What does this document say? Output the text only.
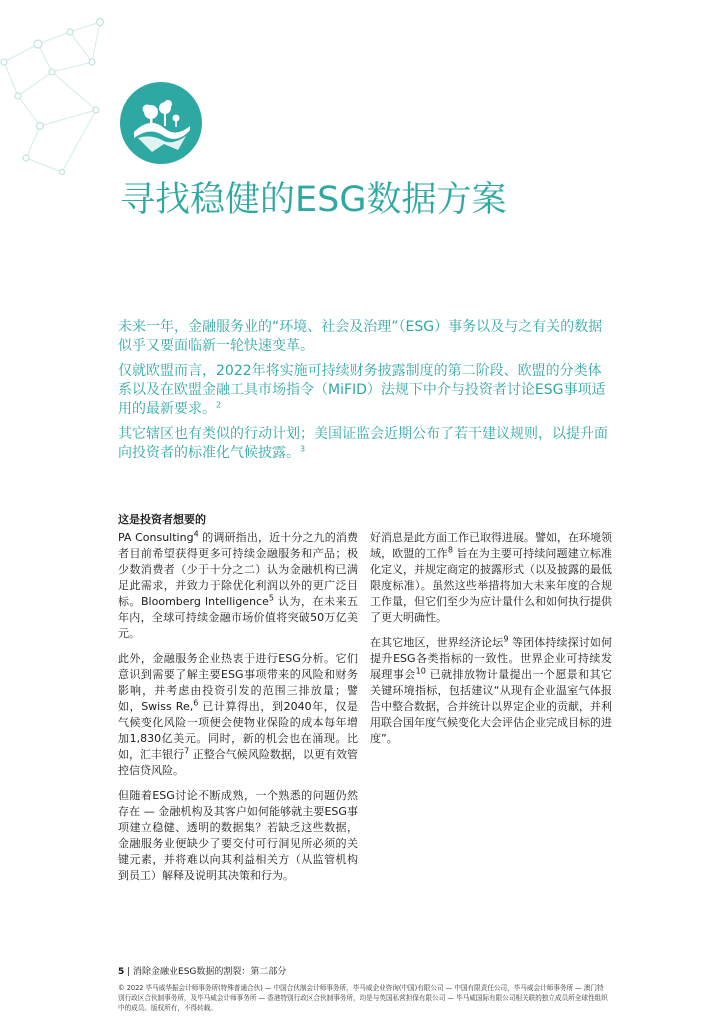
寻找稳健的ESG数据方案

未来一年，金融服务业的“环境、社会及治理”（ESG）事务以及与之有关的数据似乎又要面临新一轮快速变革。

仅就欧盟而言，2022年将实施可持续财务披露制度的第二阶段、欧盟的分类体系以及在欧盟金融工具市场指令（MiFID）法规下中介与投资者讨论ESG事项适用的最新要求。$^2$

其它辖区也有类似的行动计划；美国证监会近期公布了若干建议规则，以提升面向投资者的标准化气候披露。$^3$

这是投资者想要的

PA Consulting$^4$ 的调研指出，近十分之九的消费者目前希望获得更多可持续金融服务和产品；极少数消费者（少于十分之二）认为金融机构已满足此需求，并致力于除优化利润以外的更广泛目标。Bloomberg Intelligence$^5$ 认为，在未来五年内，全球可持续金融市场价值将突破50万亿美元。

此外，金融服务企业热衷于进行ESG分析。它们意识到需要了解主要ESG事项带来的风险和财务影响，并考虑由投资引发的范围三排放量；譬如，Swiss Re,$^6$ 已计算得出，到2040年，仅是气候变化风险一项便会使物业保险的成本每年增加1,830亿美元。同时，新的机会也在涌现。比如，汇丰银行$^7$ 正整合气候风险数据，以更有效管控信贷风险。

但随着ESG讨论不断成熟，一个熟悉的问题仍然存在 — 金融机构及其客户如何能够就主要ESG事项建立稳健、透明的数据集？若缺乏这些数据，金融服务业便缺少了要交付可行洞见所必须的关键元素，并将难以向其利益相关方（从监管机构到员工）解释及说明其决策和行为。

好消息是此方面工作已取得进展。譬如，在环境领域，欧盟的工作$^8$ 旨在为主要可持续问题建立标准化定义，并规定商定的披露形式（以及披露的最低限度标准）。虽然这些举措将加大未来年度的合规工作量，但它们至少为应计量什么和如何执行提供了更大明确性。

在其它地区，世界经济论坛$^9$ 等团体持续探讨如何提升ESG各类指标的一致性。世界企业可持续发展理事会$^{10}$ 已就排放物计量提出一个愿景和其它关键环境指标，包括建议“从现有企业温室气体报告中整合数据，合并统计以界定企业的贡献，并利用联合国年度气候变化大会评估企业完成目标的进度”。

5 | 消除金融业ESG数据的割裂：第二部分
© 2022 毕马威华振会计师事务所(特殊普通合伙) — 中国合伙制会计师事务所，毕马威企业咨询(中国)有限公司 — 中国有限责任公司，毕马威会计师事务所 — 澳门特别行政区合伙制事务所，及毕马威会计师事务所 — 香港特别行政区合伙制事务所，均是与英国私营担保有限公司 — 毕马威国际有限公司相关联的独立成员所全球性组织中的成员。版权所有，不得转载。
